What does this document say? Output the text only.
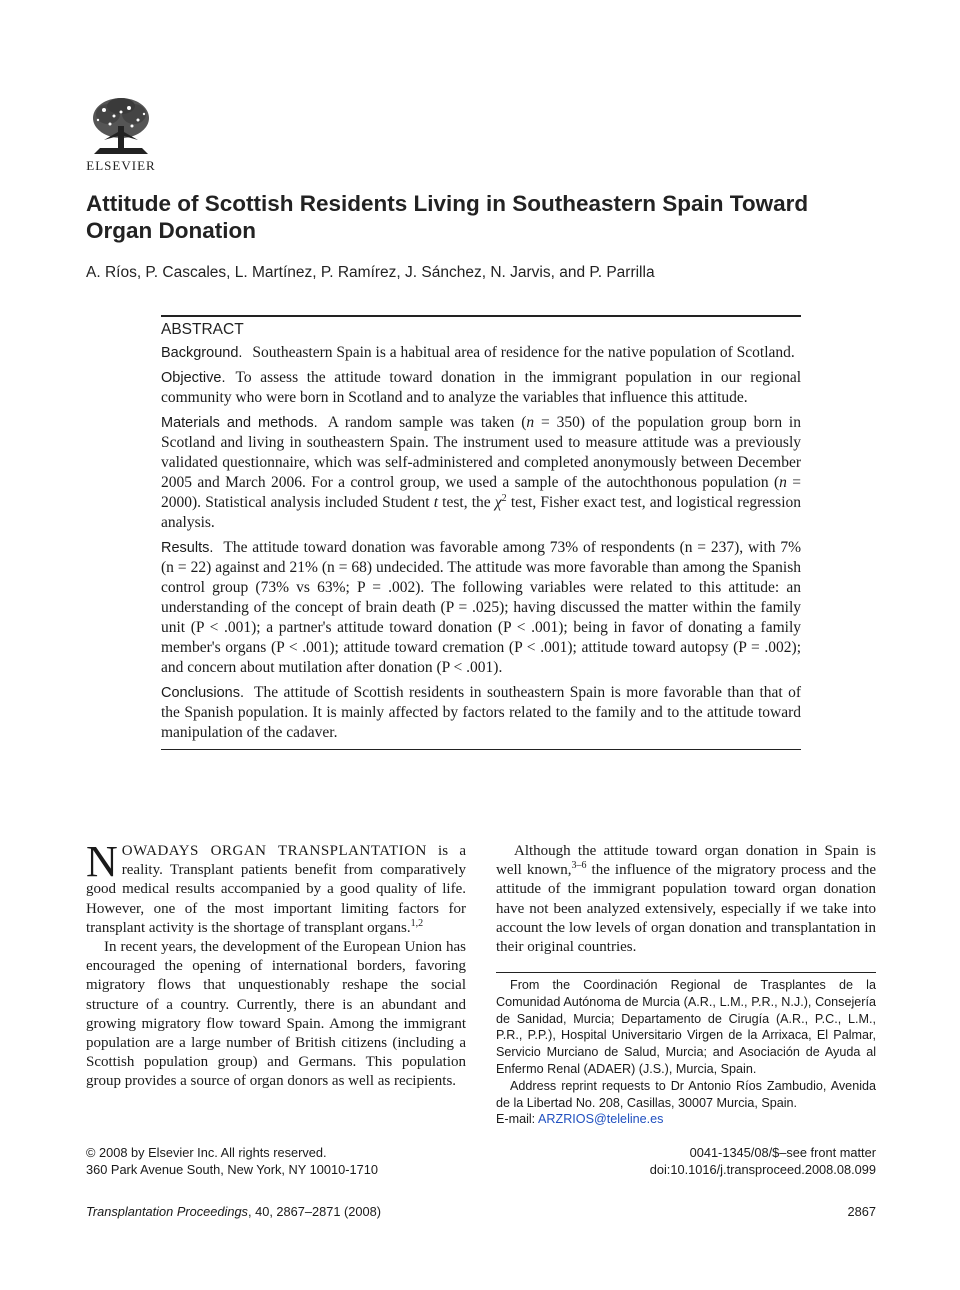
ELSEVIER
Attitude of Scottish Residents Living in Southeastern Spain Toward Organ Donation
A. Ríos, P. Cascales, L. Martínez, P. Ramírez, J. Sánchez, N. Jarvis, and P. Parrilla
ABSTRACT

Background. Southeastern Spain is a habitual area of residence for the native population of Scotland.

Objective. To assess the attitude toward donation in the immigrant population in our regional community who were born in Scotland and to analyze the variables that influence this attitude.

Materials and methods. A random sample was taken (n = 350) of the population group born in Scotland and living in southeastern Spain. The instrument used to measure attitude was a previously validated questionnaire, which was self-administered and completed anonymously between December 2005 and March 2006. For a control group, we used a sample of the autochthonous population (n = 2000). Statistical analysis included Student t test, the $\chi^2$ test, Fisher exact test, and logistical regression analysis.

Results. The attitude toward donation was favorable among 73% of respondents (n = 237), with 7% (n = 22) against and 21% (n = 68) undecided. The attitude was more favorable than among the Spanish control group (73% vs 63%; P = .002). The following variables were related to this attitude: an understanding of the concept of brain death (P = .025); having discussed the matter within the family unit (P < .001); a partner's attitude toward donation (P < .001); being in favor of donating a family member's organs (P < .001); attitude toward cremation (P < .001); attitude toward autopsy (P = .002); and concern about mutilation after donation (P < .001).

Conclusions. The attitude of Scottish residents in southeastern Spain is more favorable than that of the Spanish population. It is mainly affected by factors related to the family and to the attitude toward manipulation of the cadaver.

NOWADAYS ORGAN TRANSPLANTATION is a reality. Transplant patients benefit from comparatively good medical results accompanied by a good quality of life. However, one of the most important limiting factors for transplant activity is the shortage of transplant organs.$^{1,2}$

In recent years, the development of the European Union has encouraged the opening of international borders, favoring migratory flows that unquestionably reshape the social structure of a country. Currently, there is an abundant and growing migratory flow toward Spain. Among the immigrant population are a large number of British citizens (including a Scottish population group) and Germans. This population group provides a source of organ donors as well as recipients.

Although the attitude toward organ donation in Spain is well known,$^{3-6}$ the influence of the migratory process and the attitude of the immigrant population toward organ donation have not been analyzed extensively, especially if we take into account the low levels of organ donation and transplantation in their original countries.

From the Coordinación Regional de Trasplantes de la Comunidad Autónoma de Murcia (A.R., L.M., P.R., N.J.), Consejería de Sanidad, Murcia; Departamento de Cirugía (A.R., P.C., L.M., P.R., P.P.), Hospital Universitario Virgen de la Arrixaca, El Palmar, Servicio Murciano de Salud, Murcia; and Asociación de Ayuda al Enfermo Renal (ADAER) (J.S.), Murcia, Spain.

Address reprint requests to Dr Antonio Ríos Zambudio, Avenida de la Libertad No. 208, Casillas, 30007 Murcia, Spain.

E-mail: ARZRIOS@teleline.es
© 2008 by Elsevier Inc. All rights reserved.
360 Park Avenue South, New York, NY 10010-1710
0041-1345/08/$–see front matter
doi:10.1016/j.transproceed.2008.08.099
Transplantation Proceedings, 40, 2867–2871 (2008)	2867
